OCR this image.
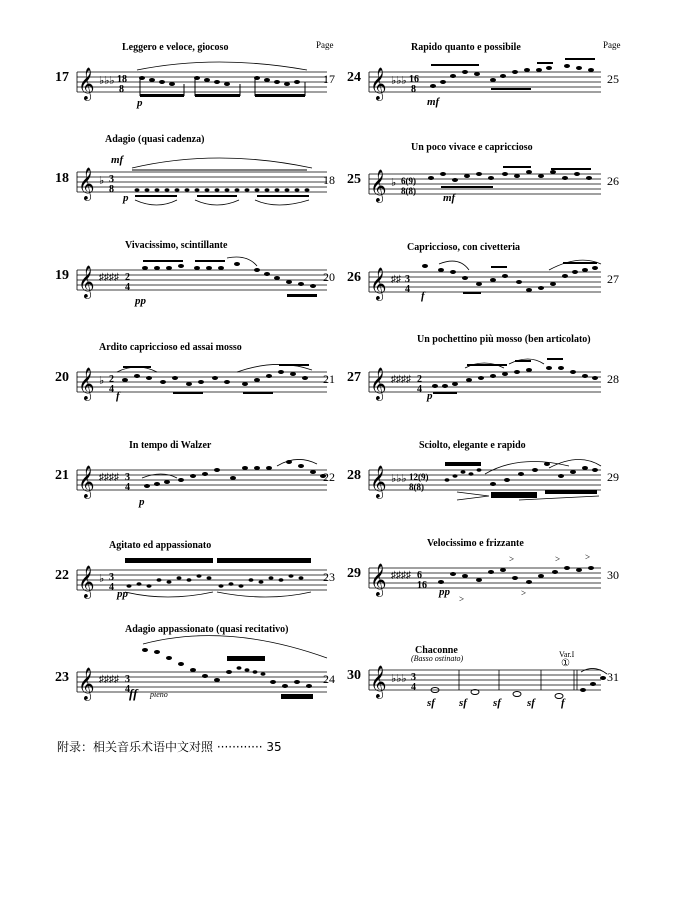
Page	Page
17
Leggero e veloce, giocoso
𝄞 ♭♭♭ 18
8
p
17
18
Adagio (quasi cadenza)
𝄞 ♭ 3
8
p
mf
18
19
Vivacissimo, scintillante
𝄞 ♯♯♯♯ 2
4
pp
20
20
Ardito capriccioso ed assai mosso
𝄞 ♭ 2
4
f
21
21
In tempo di Walzer
𝄞 ♯♯♯♯ 3
4
p
22
22
Agitato ed appassionato
𝄞 ♭ 3
4
pp
23
23
Adagio appassionato (quasi recitativo)
𝄞 ♯♯♯♯ 3
4 ff pieno
24
24
Rapido quanto e possibile
𝄞 ♭♭♭ 16
8
mf
25
25
Un poco vivace e capriccioso
𝄞 ♭ 6(9)
8(8)
mf
26
26
Capriccioso, con civetteria
𝄞 ♯♯ 3
4
f
27
27
Un pochettino più mosso (ben articolato)
𝄞 ♯♯♯♯ 2
4
p
28
28
Sciolto, elegante e rapido
𝄞 ♭♭♭ 12(9)
8(8)
29
29
Velocissimo e frizzante
𝄞 ♯♯♯♯ 6
16
>	>	>
>
>
pp
30
30
Chaconne
(Basso ostinato)	Var.I
①
𝄞 ♭♭♭ 3
4
sf sf sf sf f
31
附录：相关音乐术语中文对照 ············ 35
